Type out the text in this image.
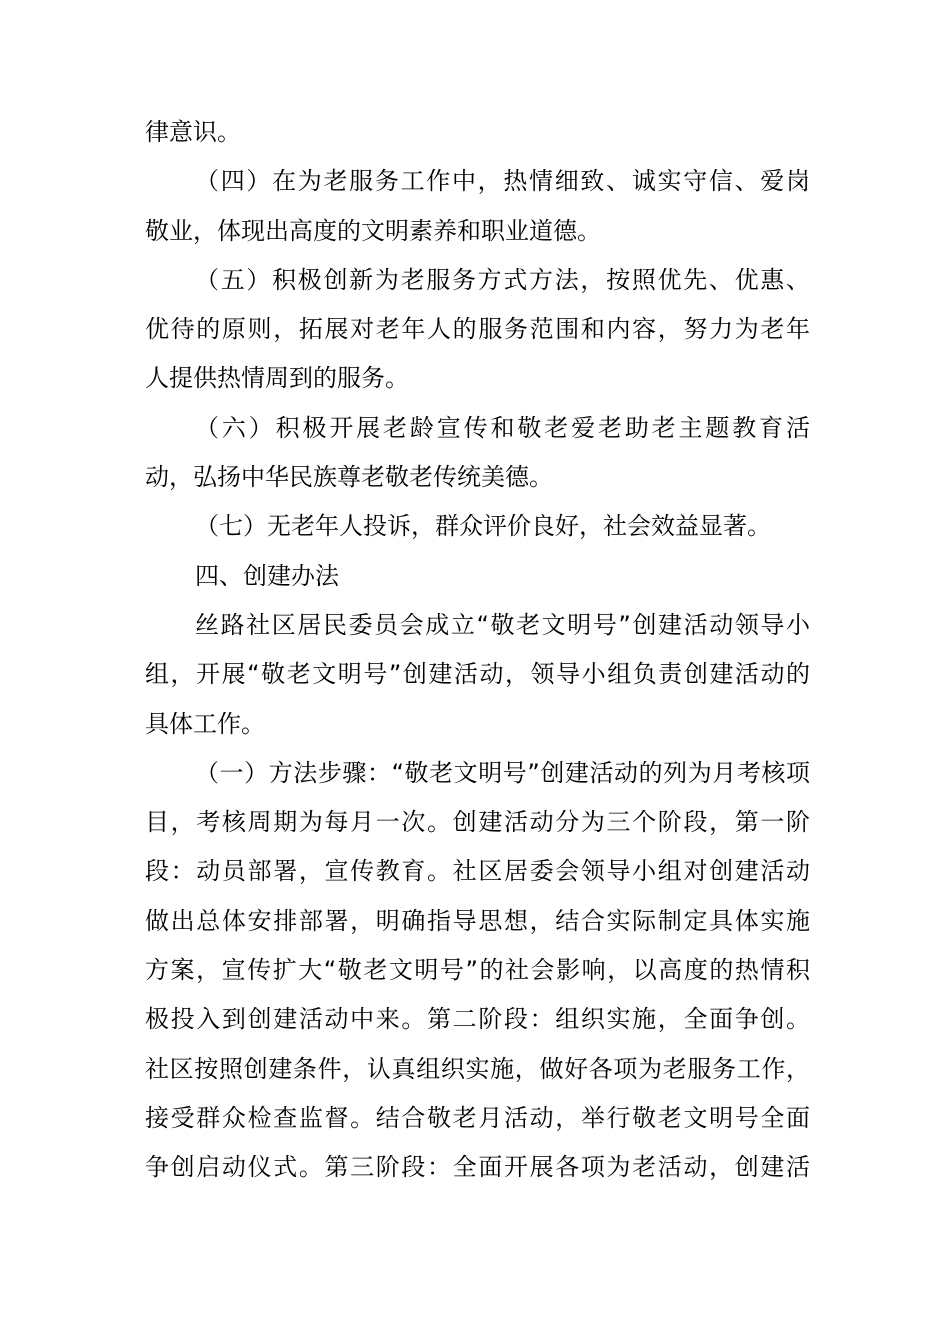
律意识。
（四）在为老服务工作中，热情细致、诚实守信、爱岗
敬业，体现出高度的文明素养和职业道德。
（五）积极创新为老服务方式方法，按照优先、优惠、
优待的原则，拓展对老年人的服务范围和内容，努力为老年
人提供热情周到的服务。
（六）积极开展老龄宣传和敬老爱老助老主题教育活
动，弘扬中华民族尊老敬老传统美德。
（七）无老年人投诉，群众评价良好，社会效益显著。
四、创建办法
丝路社区居民委员会成立“敬老文明号”创建活动领导小
组，开展“敬老文明号”创建活动，领导小组负责创建活动的
具体工作。
（一）方法步骤：“敬老文明号”创建活动的列为月考核项
目，考核周期为每月一次。创建活动分为三个阶段，第一阶
段：动员部署，宣传教育。社区居委会领导小组对创建活动
做出总体安排部署，明确指导思想，结合实际制定具体实施
方案，宣传扩大“敬老文明号”的社会影响，以高度的热情积
极投入到创建活动中来。第二阶段：组织实施，全面争创。
社区按照创建条件，认真组织实施，做好各项为老服务工作，
接受群众检查监督。结合敬老月活动，举行敬老文明号全面
争创启动仪式。第三阶段：全面开展各项为老活动，创建活
